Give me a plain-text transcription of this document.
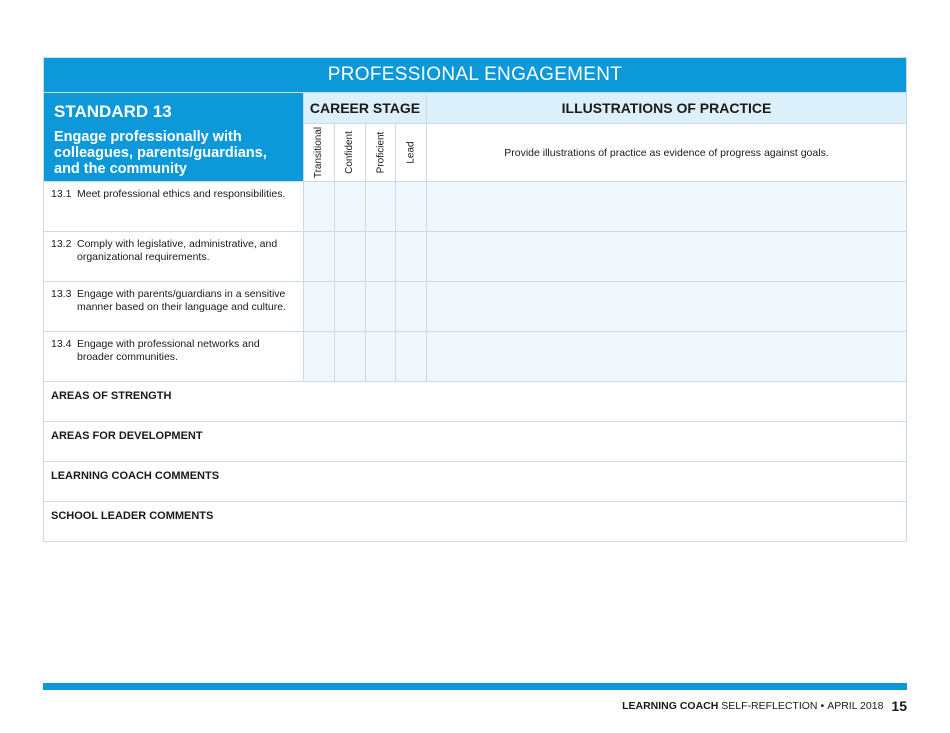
PROFESSIONAL ENGAGEMENT
STANDARD 13
Engage professionally with colleagues, parents/guardians, and the community
CAREER STAGE
Transitional Confident Proficient Lead
ILLUSTRATIONS OF PRACTICE
Provide illustrations of practice as evidence of progress against goals.
13.1 Meet professional ethics and responsibilities.
13.2 Comply with legislative, administrative, and organizational requirements.
13.3 Engage with parents/guardians in a sensitive manner based on their language and culture.
13.4 Engage with professional networks and broader communities.
AREAS OF STRENGTH
AREAS FOR DEVELOPMENT
LEARNING COACH COMMENTS
SCHOOL LEADER COMMENTS
LEARNING COACH
SELF-REFLECTION • APRIL 2018 15
